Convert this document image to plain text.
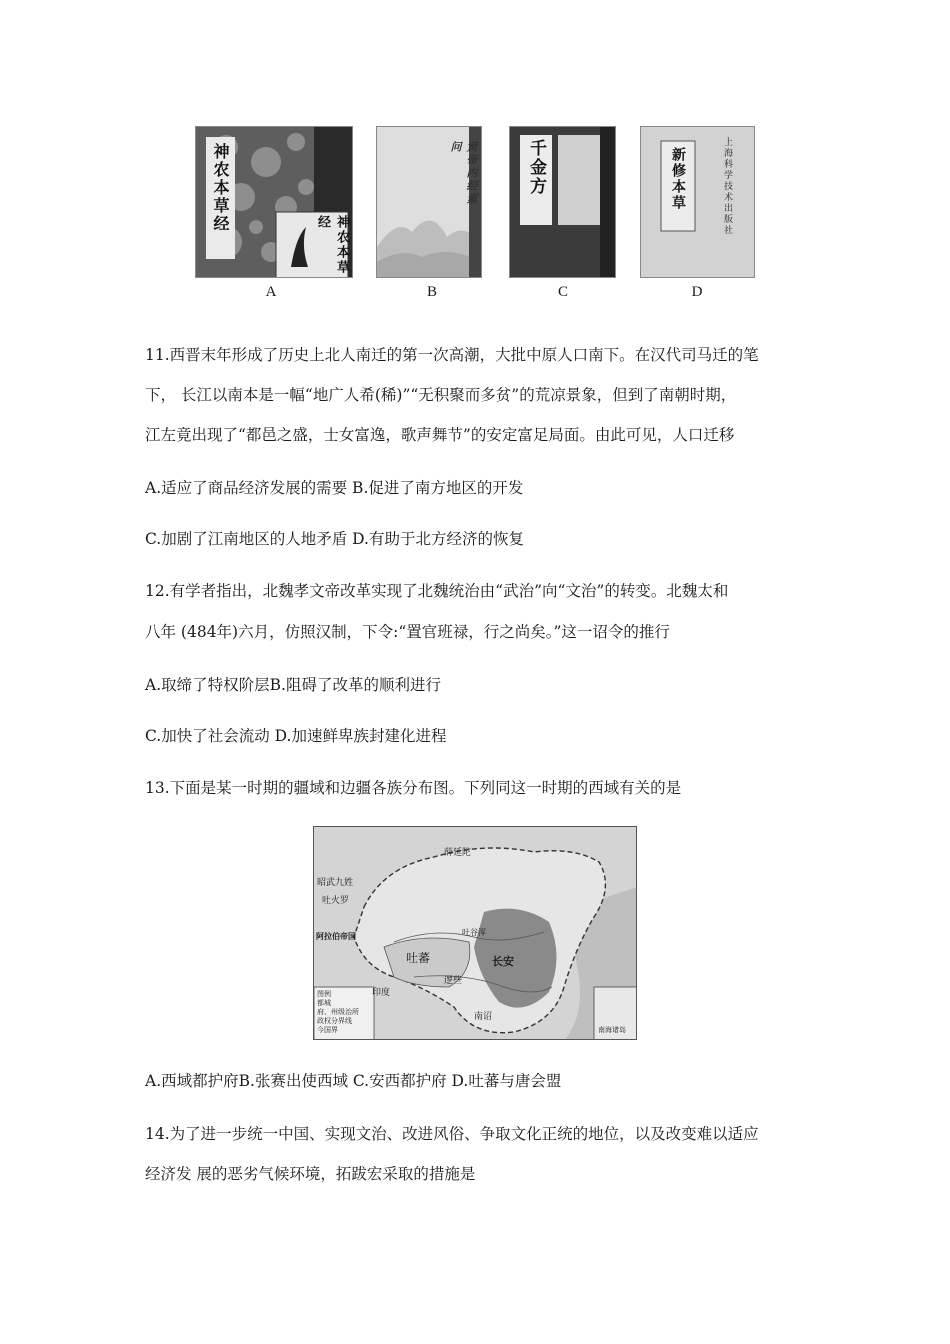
神农本草经
神农本草经
黄帝内经素问	千金方	新修本草	上海科学技术出版社
A	B	C	D
11.西晋末年形成了历史上北人南迁的第一次高潮，大批中原人口南下。在汉代司马迁的笔
下， 长江以南本是一幅“地广人希(稀)”“无积聚而多贫”的荒凉景象，但到了南朝时期，
江左竟出现了“都邑之盛，士女富逸，歌声舞节”的安定富足局面。由此可见，人口迁移
A.适应了商品经济发展的需要 B.促进了南方地区的开发
C.加剧了江南地区的人地矛盾 D.有助于北方经济的恢复
12.有学者指出，北魏孝文帝改革实现了北魏统治由“武治”向“文治”的转变。北魏太和
八年 (484年)六月，仿照汉制，下令:“置官班禄，行之尚矣。”这一诏令的推行
A.取缔了特权阶层B.阻碍了改革的顺利进行
C.加快了社会流动 D.加速鲜卑族封建化进程
13.下面是某一时期的疆域和边疆各族分布图。下列同这一时期的西域有关的是
薛延陀
昭武九姓
吐火罗
阿拉伯帝国
吐蕃
吐谷浑
长安
逻些
印度
南诏
图例
都城
府、州级治所
政权分界线
今国界	南海诸岛
A.西域都护府B.张赛出使西域 C.安西都护府 D.吐蕃与唐会盟
14.为了进一步统一中国、实现文治、改进风俗、争取文化正统的地位，以及改变难以适应
经济发 展的恶劣气候环境，拓跋宏采取的措施是
